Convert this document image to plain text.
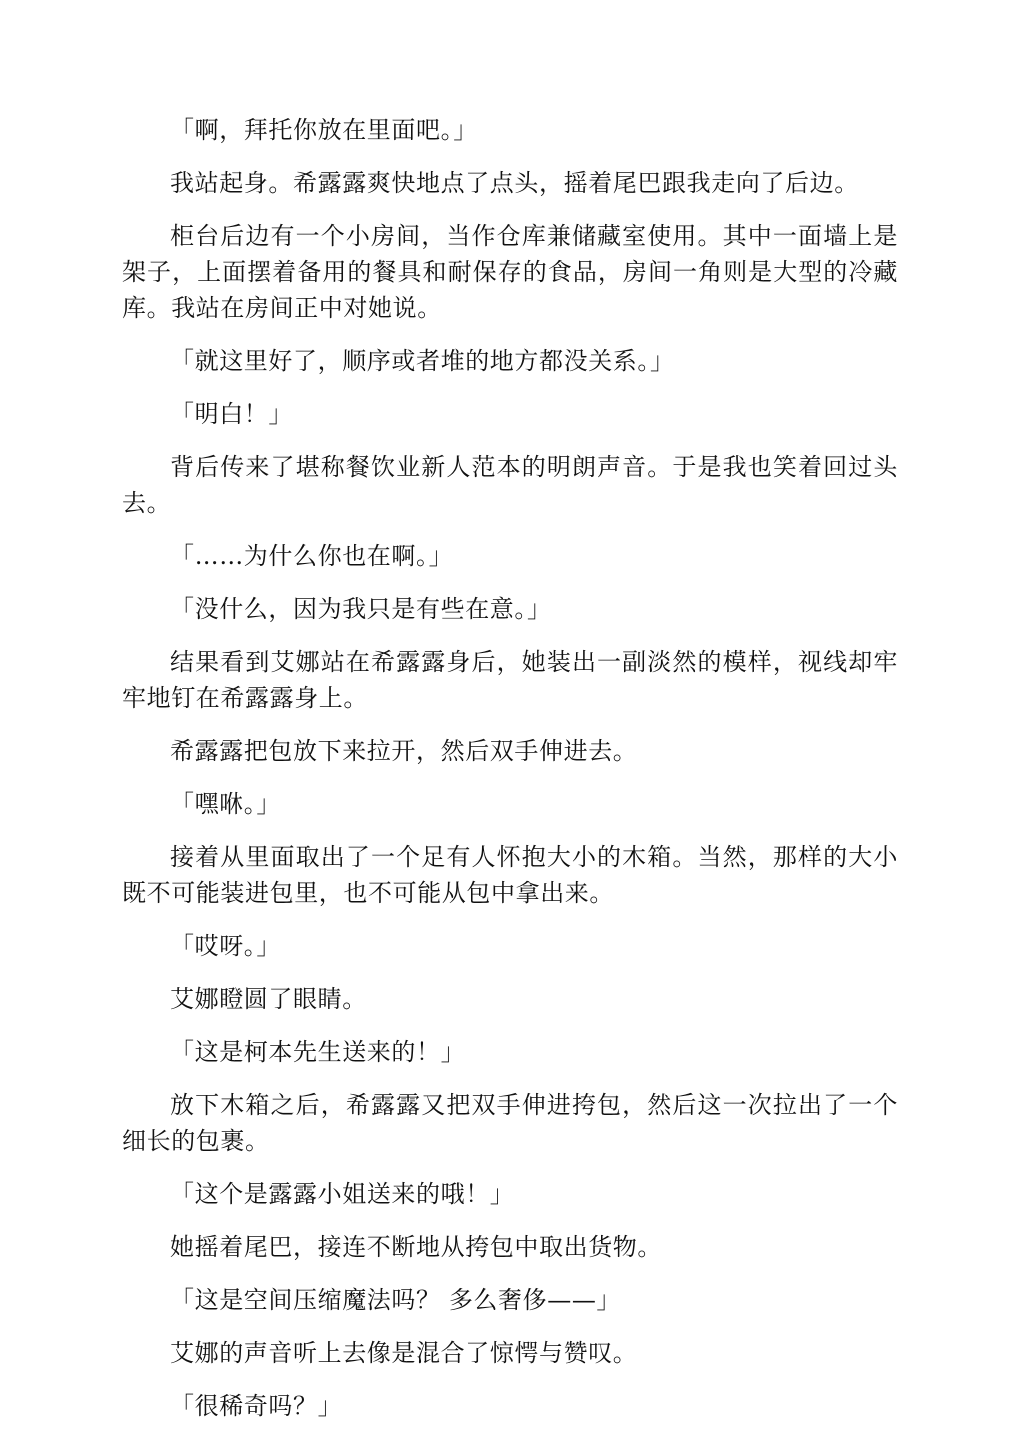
「啊，拜托你放在里面吧。」

我站起身。希露露爽快地点了点头，摇着尾巴跟我走向了后边。

柜台后边有一个小房间，当作仓库兼储藏室使用。其中一面墙上是架子，上面摆着备用的餐具和耐保存的食品，房间一角则是大型的冷藏库。我站在房间正中对她说。

「就这里好了，顺序或者堆的地方都没关系。」

「明白！」

背后传来了堪称餐饮业新人范本的明朗声音。于是我也笑着回过头去。

「……为什么你也在啊。」

「没什么，因为我只是有些在意。」

结果看到艾娜站在希露露身后，她装出一副淡然的模样，视线却牢牢地钉在希露露身上。

希露露把包放下来拉开，然后双手伸进去。

「嘿咻。」

接着从里面取出了一个足有人怀抱大小的木箱。当然，那样的大小既不可能装进包里，也不可能从包中拿出来。

「哎呀。」

艾娜瞪圆了眼睛。

「这是柯本先生送来的！」

放下木箱之后，希露露又把双手伸进挎包，然后这一次拉出了一个细长的包裹。

「这个是露露小姐送来的哦！」

她摇着尾巴，接连不断地从挎包中取出货物。

「这是空间压缩魔法吗？ 多么奢侈——」

艾娜的声音听上去像是混合了惊愕与赞叹。

「很稀奇吗？」
